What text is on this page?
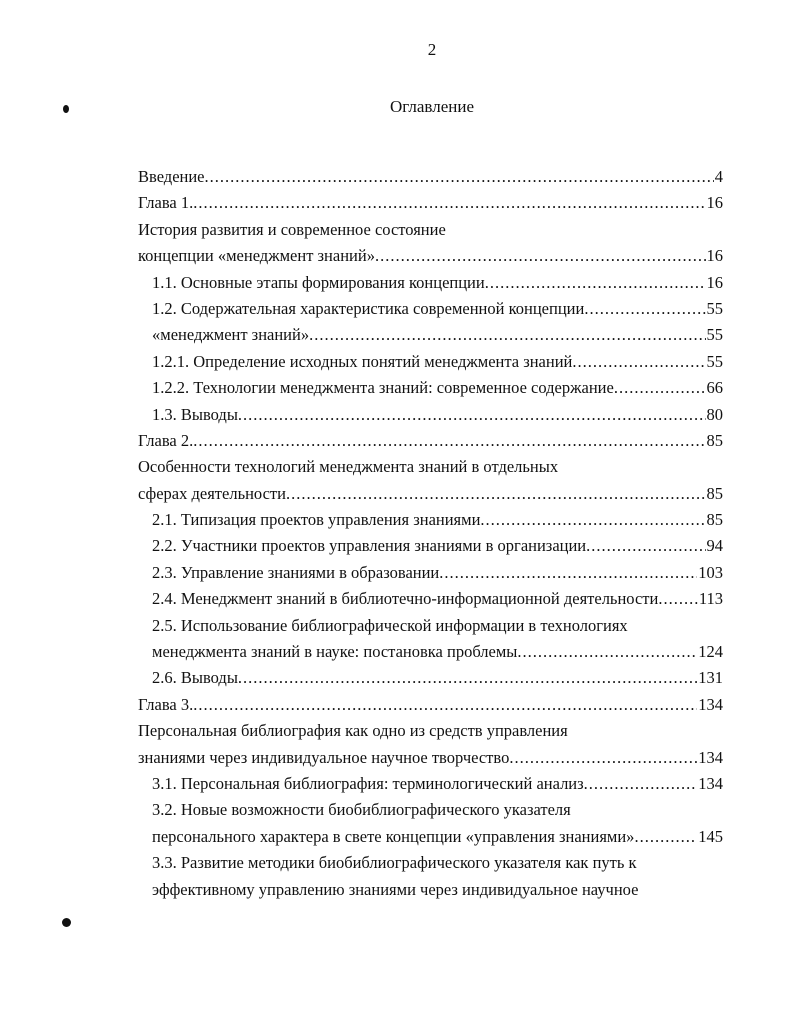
2
Оглавление
Введение .....	4
Глава 1. .....	16
История развития и современное состояние
концепции «менеджмент знаний» .....	16
1.1. Основные этапы формирования концепции .....	16
1.2. Содержательная характеристика современной концепции .....	55
«менеджмент знаний» .....	55
1.2.1. Определение исходных понятий менеджмента знаний .....	55
1.2.2. Технологии менеджмента знаний: современное содержание .....	66
1.3. Выводы .....	80
Глава 2. .....	85
Особенности технологий менеджмента знаний в отдельных
сферах деятельности .....	85
2.1. Типизация проектов управления знаниями .....	85
2.2. Участники проектов управления знаниями в организации .....	94
2.3. Управление знаниями в образовании .....	103
2.4. Менеджмент знаний в библиотечно-информационной деятельности ..... 113
2.5. Использование библиографической информации в технологиях
менеджмента знаний в науке: постановка проблемы .....	124
2.6. Выводы .....	131
Глава 3. .....	134
Персональная библиография как одно из средств управления
знаниями через индивидуальное научное творчество .....	134
3.1. Персональная библиография: терминологический анализ .....	134
3.2. Новые возможности биобиблиографического указателя
персонального характера в свете концепции «управления знаниями» .....	145
3.3. Развитие методики биобиблиографического указателя как путь к
эффективному управлению знаниями через индивидуальное научное
